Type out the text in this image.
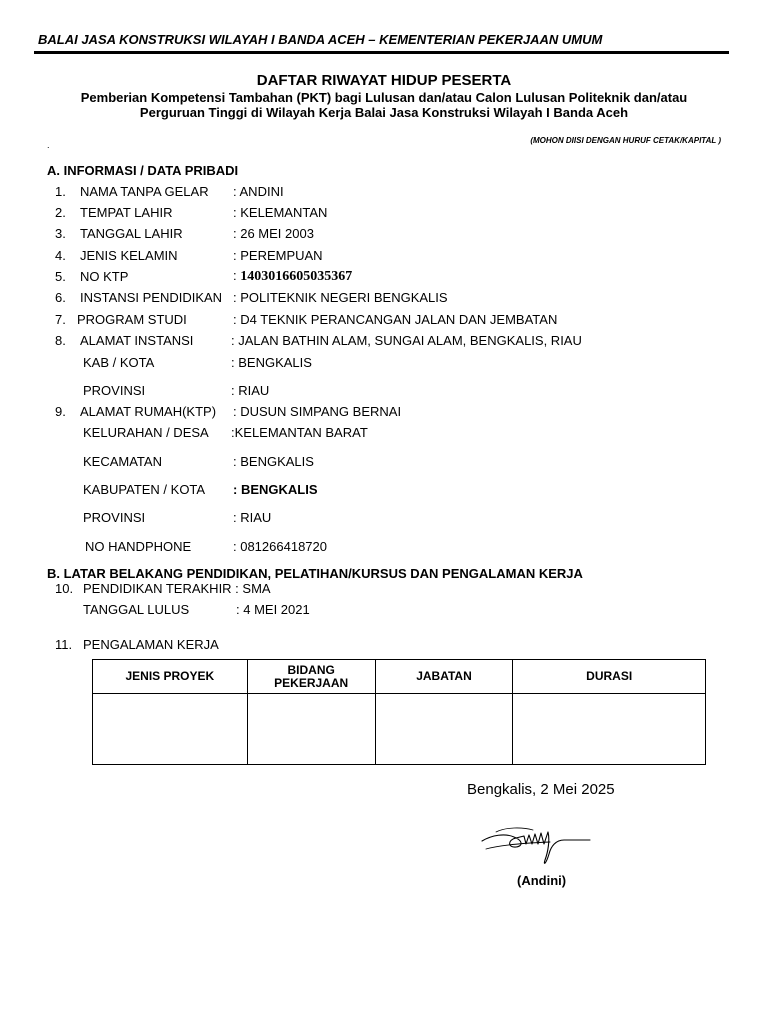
BALAI JASA KONSTRUKSI WILAYAH I BANDA ACEH – KEMENTERIAN PEKERJAAN UMUM
DAFTAR RIWAYAT HIDUP PESERTA
Pemberian Kompetensi Tambahan (PKT) bagi Lulusan dan/atau Calon Lulusan Politeknik dan/atau
Perguruan Tinggi di Wilayah Kerja Balai Jasa Konstruksi Wilayah I Banda Aceh
(MOHON DIISI DENGAN HURUF CETAK/KAPITAL )
.
A. INFORMASI / DATA PRIBADI
1. NAMA TANPA GELAR : ANDINI
2. TEMPAT LAHIR	: KELEMANTAN
3. TANGGAL LAHIR	: 26 MEI 2003
4. JENIS KELAMIN	: PEREMPUAN
5. NO KTP	: 1403016605035367
6. INSTANSI PENDIDIKAN : POLITEKNIK NEGERI BENGKALIS
7. PROGRAM STUDI	: D4 TEKNIK PERANCANGAN JALAN DAN JEMBATAN
8. ALAMAT INSTANSI	: JALAN BATHIN ALAM, SUNGAI ALAM, BENGKALIS, RIAU
KAB / KOTA	: BENGKALIS
PROVINSI	: RIAU
9. ALAMAT RUMAH(KTP) : DUSUN SIMPANG BERNAI
KELURAHAN / DESA :KELEMANTAN BARAT
KECAMATAN	: BENGKALIS
KABUPATEN / KOTA : BENGKALIS
PROVINSI	: RIAU
NO HANDPHONE	: 081266418720
B. LATAR BELAKANG PENDIDIKAN, PELATIHAN/KURSUS DAN PENGALAMAN KERJA
10. PENDIDIKAN TERAKHIR : SMA
TANGGAL LULUS	: 4 MEI 2021
11. PENGALAMAN KERJA
JENIS PROYEK	BIDANG PEKERJAAN	JABATAN	DURASI

Bengkalis, 2 Mei 2025
(Andini)
